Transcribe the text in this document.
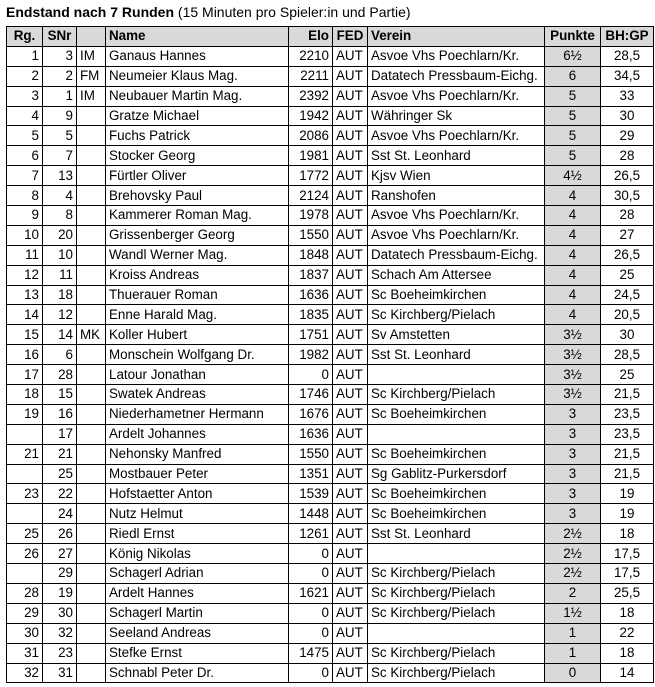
Endstand nach 7 Runden (15 Minuten pro Spieler:in und Partie)
Rg.	SNr		Name	Elo	FED	Verein	Punkte	BH:GP
1	3	IM	Ganaus Hannes	2210	AUT	Asvoe Vhs Poechlarn/Kr.	6½	28,5
2	2	FM	Neumeier Klaus Mag.	2211	AUT	Datatech Pressbaum-Eichg.	6	34,5
3	1	IM	Neubauer Martin Mag.	2392	AUT	Asvoe Vhs Poechlarn/Kr.	5	33
4	9		Gratze Michael	1942	AUT	Währinger Sk	5	30
5	5		Fuchs Patrick	2086	AUT	Asvoe Vhs Poechlarn/Kr.	5	29
6	7		Stocker Georg	1981	AUT	Sst St. Leonhard	5	28
7	13		Fürtler Oliver	1772	AUT	Kjsv Wien	4½	26,5
8	4		Brehovsky Paul	2124	AUT	Ranshofen	4	30,5
9	8		Kammerer Roman Mag.	1978	AUT	Asvoe Vhs Poechlarn/Kr.	4	28
10	20		Grissenberger Georg	1550	AUT	Asvoe Vhs Poechlarn/Kr.	4	27
11	10		Wandl Werner Mag.	1848	AUT	Datatech Pressbaum-Eichg.	4	26,5
12	11		Kroiss Andreas	1837	AUT	Schach Am Attersee	4	25
13	18		Thuerauer Roman	1636	AUT	Sc Boeheimkirchen	4	24,5
14	12		Enne Harald Mag.	1835	AUT	Sc Kirchberg/Pielach	4	20,5
15	14	MK	Koller Hubert	1751	AUT	Sv Amstetten	3½	30
16	6		Monschein Wolfgang Dr.	1982	AUT	Sst St. Leonhard	3½	28,5
17	28		Latour Jonathan	0	AUT		3½	25
18	15		Swatek Andreas	1746	AUT	Sc Kirchberg/Pielach	3½	21,5
19	16		Niederhametner Hermann	1676	AUT	Sc Boeheimkirchen	3	23,5
	17		Ardelt Johannes	1636	AUT		3	23,5
21	21		Nehonsky Manfred	1550	AUT	Sc Boeheimkirchen	3	21,5
	25		Mostbauer Peter	1351	AUT	Sg Gablitz-Purkersdorf	3	21,5
23	22		Hofstaetter Anton	1539	AUT	Sc Boeheimkirchen	3	19
	24		Nutz Helmut	1448	AUT	Sc Boeheimkirchen	3	19
25	26		Riedl Ernst	1261	AUT	Sst St. Leonhard	2½	18
26	27		König Nikolas	0	AUT		2½	17,5
	29		Schagerl Adrian	0	AUT	Sc Kirchberg/Pielach	2½	17,5
28	19		Ardelt Hannes	1621	AUT	Sc Kirchberg/Pielach	2	25,5
29	30		Schagerl Martin	0	AUT	Sc Kirchberg/Pielach	1½	18
30	32		Seeland Andreas	0	AUT		1	22
31	23		Stefke Ernst	1475	AUT	Sc Kirchberg/Pielach	1	18
32	31		Schnabl Peter Dr.	0	AUT	Sc Kirchberg/Pielach	0	14
